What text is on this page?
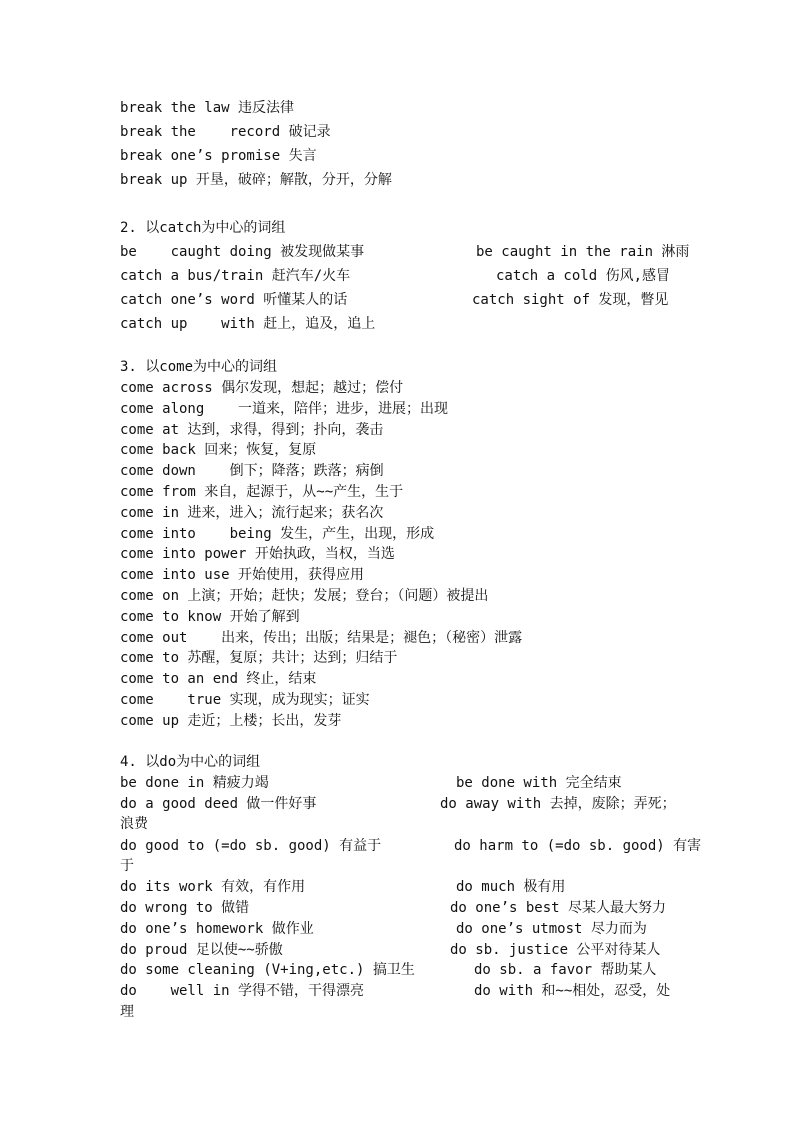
break the law 违反法律
break the    record 破记录
break one’s promise 失言
break up 开垦，破碎；解散，分开，分解
2. 以catch为中心的词组
be    caught doing 被发现做某事	be caught in the rain 淋雨
catch a bus/train 赶汽车/火车	catch a cold 伤风,感冒
catch one’s word 听懂某人的话	catch sight of 发现，瞥见
catch up    with 赶上，追及，追上
3. 以come为中心的词组
come across 偶尔发现，想起；越过；偿付
come along    一道来，陪伴；进步，进展；出现
come at 达到，求得，得到；扑向，袭击
come back 回来；恢复，复原
come down    倒下；降落；跌落；病倒
come from 来自，起源于，从~~产生，生于
come in 进来，进入；流行起来；获名次
come into    being 发生，产生，出现，形成
come into power 开始执政，当权，当选
come into use 开始使用，获得应用
come on 上演；开始；赶快；发展；登台；（问题）被提出
come to know 开始了解到
come out    出来，传出；出版；结果是；褪色；（秘密）泄露
come to 苏醒，复原；共计；达到；归结于
come to an end 终止，结束
come    true 实现，成为现实；证实
come up 走近；上楼；长出，发芽
4. 以do为中心的词组
be done in 精疲力竭	be done with 完全结束
do a good deed 做一件好事	do away with 去掉，废除；弄死；
浪费
do good to (=do sb. good) 有益于	do harm to (=do sb. good) 有害
于
do its work 有效，有作用	do much 极有用
do wrong to 做错	do one’s best 尽某人最大努力
do one’s homework 做作业	do one’s utmost 尽力而为
do proud 足以使~~骄傲	do sb. justice 公平对待某人
do some cleaning (V+ing,etc.) 搞卫生	do sb. a favor 帮助某人
do    well in 学得不错，干得漂亮	do with 和~~相处，忍受，处
理
